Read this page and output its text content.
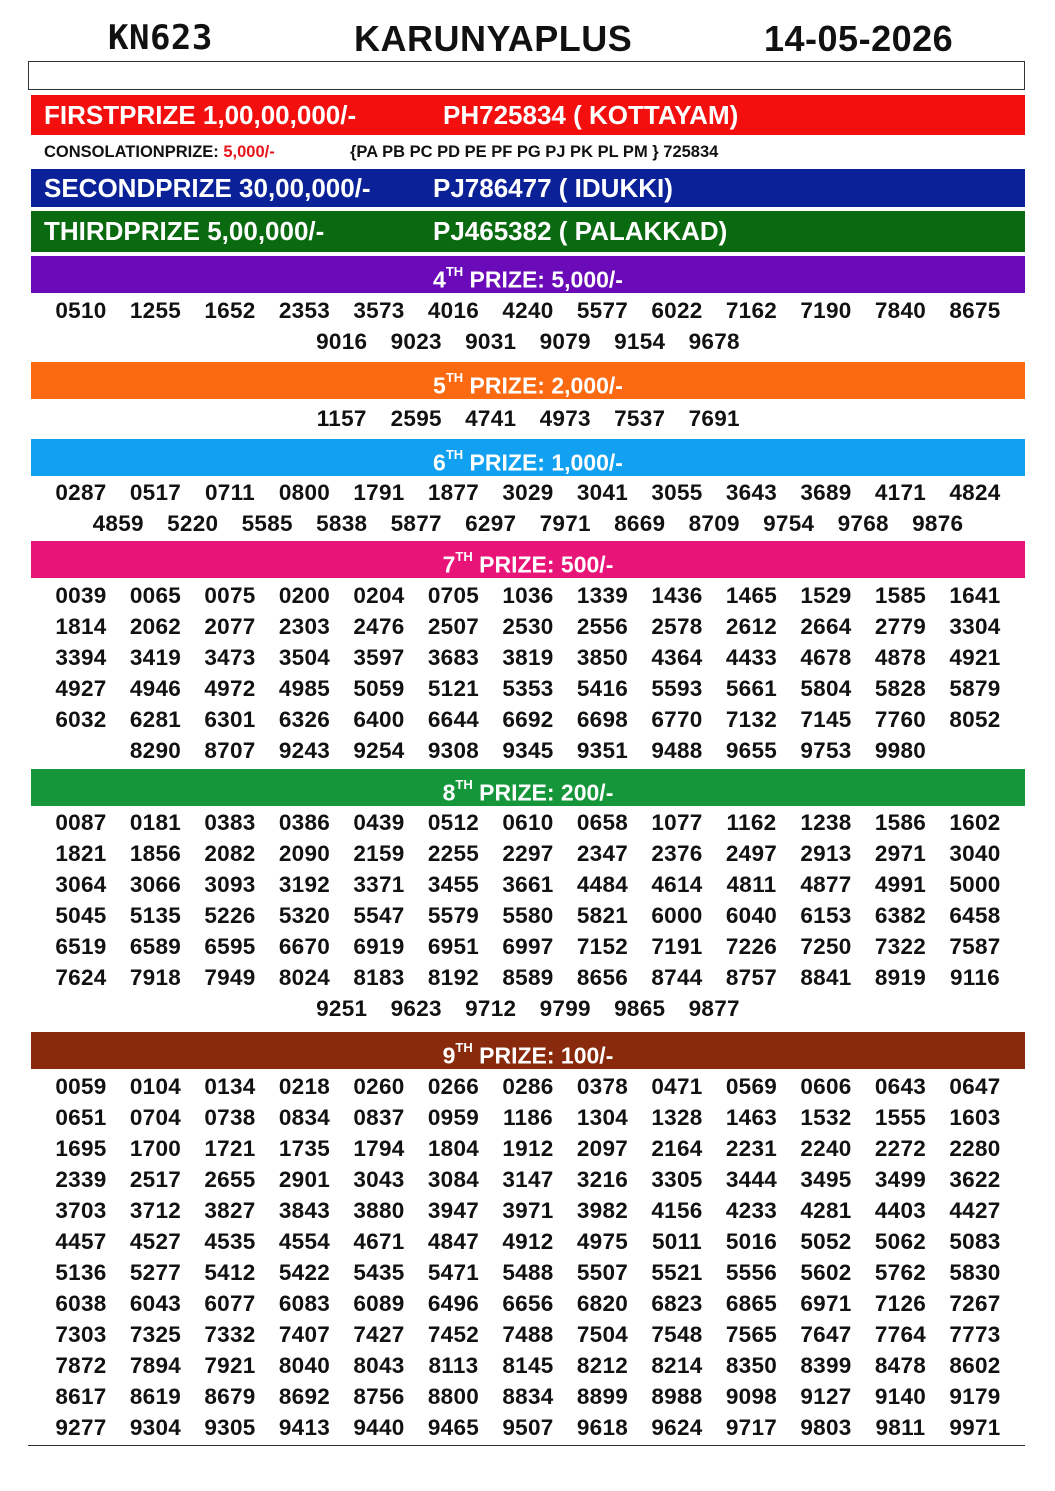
KN623	KARUNYAPLUS	14-05-2026
FIRSTPRIZE 1,00,00,000/-	PH725834 ( KOTTAYAM)
CONSOLATIONPRIZE: 5,000/-	{PA PB PC PD PE PF PG PJ PK PL PM } 725834
SECONDPRIZE 30,00,000/- PJ786477 ( IDUKKI)
THIRDPRIZE 5,00,000/-	PJ465382 ( PALAKKAD)
4TH PRIZE: 5,000/-
0510	1255	1652	2353	3573	4016	4240	5577	6022	7162	7190	7840	8675
9016	9023	9031	9079	9154	9678
5TH PRIZE: 2,000/-
1157	2595	4741	4973	7537	7691
6TH PRIZE: 1,000/-
0287	0517	0711	0800	1791	1877	3029	3041	3055	3643	3689	4171	4824
4859	5220	5585	5838	5877	6297	7971	8669	8709	9754	9768	9876
7TH PRIZE: 500/-
0039	0065	0075	0200	0204	0705	1036	1339	1436	1465	1529	1585	1641
1814	2062	2077	2303	2476	2507	2530	2556	2578	2612	2664	2779	3304
3394	3419	3473	3504	3597	3683	3819	3850	4364	4433	4678	4878	4921
4927	4946	4972	4985	5059	5121	5353	5416	5593	5661	5804	5828	5879
6032	6281	6301	6326	6400	6644	6692	6698	6770	7132	7145	7760	8052
8290	8707	9243	9254	9308	9345	9351	9488	9655	9753	9980
8TH PRIZE: 200/-
0087	0181	0383	0386	0439	0512	0610	0658	1077	1162	1238	1586	1602
1821	1856	2082	2090	2159	2255	2297	2347	2376	2497	2913	2971	3040
3064	3066	3093	3192	3371	3455	3661	4484	4614	4811	4877	4991	5000
5045	5135	5226	5320	5547	5579	5580	5821	6000	6040	6153	6382	6458
6519	6589	6595	6670	6919	6951	6997	7152	7191	7226	7250	7322	7587
7624	7918	7949	8024	8183	8192	8589	8656	8744	8757	8841	8919	9116
9251	9623	9712	9799	9865	9877
9TH PRIZE: 100/-
0059	0104	0134	0218	0260	0266	0286	0378	0471	0569	0606	0643	0647
0651	0704	0738	0834	0837	0959	1186	1304	1328	1463	1532	1555	1603
1695	1700	1721	1735	1794	1804	1912	2097	2164	2231	2240	2272	2280
2339	2517	2655	2901	3043	3084	3147	3216	3305	3444	3495	3499	3622
3703	3712	3827	3843	3880	3947	3971	3982	4156	4233	4281	4403	4427
4457	4527	4535	4554	4671	4847	4912	4975	5011	5016	5052	5062	5083
5136	5277	5412	5422	5435	5471	5488	5507	5521	5556	5602	5762	5830
6038	6043	6077	6083	6089	6496	6656	6820	6823	6865	6971	7126	7267
7303	7325	7332	7407	7427	7452	7488	7504	7548	7565	7647	7764	7773
7872	7894	7921	8040	8043	8113	8145	8212	8214	8350	8399	8478	8602
8617	8619	8679	8692	8756	8800	8834	8899	8988	9098	9127	9140	9179
9277	9304	9305	9413	9440	9465	9507	9618	9624	9717	9803	9811	9971
